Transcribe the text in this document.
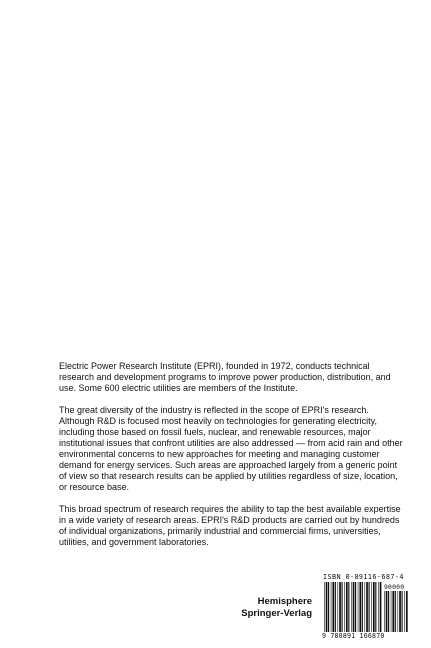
Electric Power Research Institute (EPRI), founded in 1972, conducts technical research and development programs to improve power production, distribution, and use. Some 600 electric utilities are members of the Institute.

The great diversity of the industry is reflected in the scope of EPRI's research. Although R&D is focused most heavily on technologies for generating electricity, including those based on fossil fuels, nuclear, and renewable resources, major institutional issues that confront utilities are also addressed — from acid rain and other environmental concerns to new approaches for meeting and managing customer demand for energy services. Such areas are approached largely from a generic point of view so that research results can be applied by utilities regardless of size, location, or resource base.

This broad spectrum of research requires the ability to tap the best available expertise in a wide variety of research areas. EPRI's R&D products are carried out by hundreds of individual organizations, primarily industrial and commercial firms, universities, utilities, and government laboratories.

Hemisphere
Springer-Verlag
ISBN 0-89116-687-4
90000
9 780891 166870
